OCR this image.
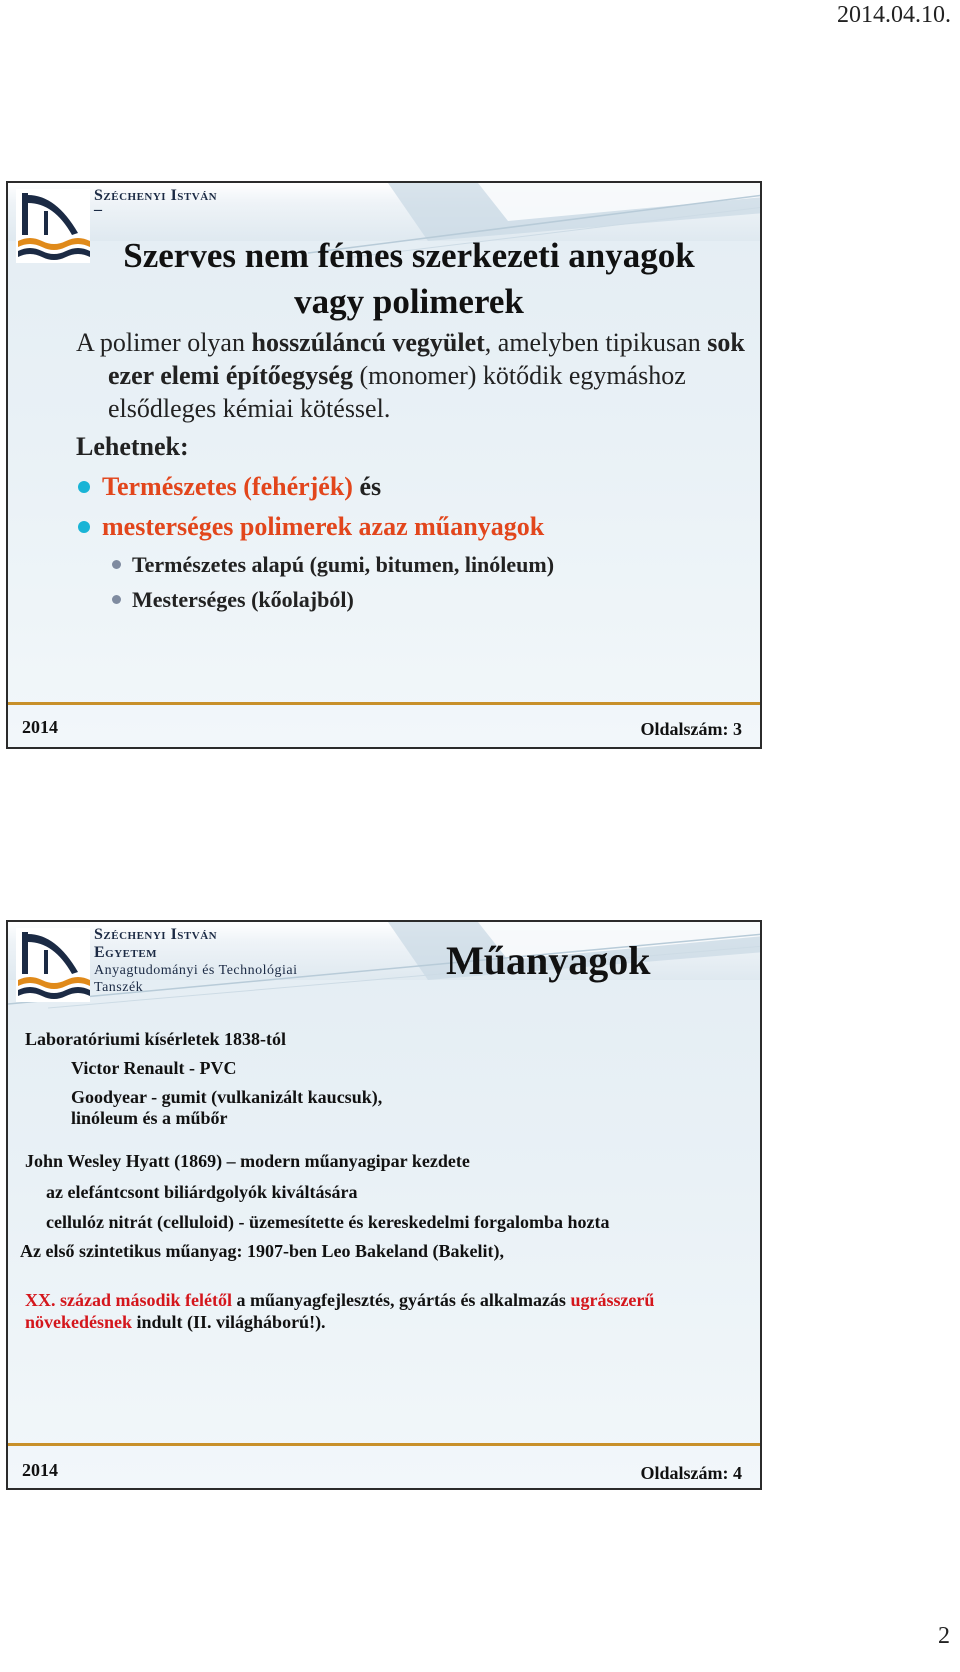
2014.04.10.
Széchenyi István
–
Szerves nem fémes szerkezeti anyagok
vagy polimerek
A polimer olyan hosszúláncú vegyület, amelyben tipikusan sok ezer elemi építőegység (monomer) kötődik egymáshoz elsődleges kémiai kötéssel.
Lehetnek:
Természetes (fehérjék) és
mesterséges polimerek azaz műanyagok
Természetes alapú (gumi, bitumen, linóleum)
Mesterséges (kőolajból)
2014	Oldalszám: 3
Széchenyi István
Egyetem
Anyagtudományi és Technológiai
Tanszék
Műanyagok
Laboratóriumi kísérletek 1838-tól
Victor Renault - PVC
Goodyear - gumit (vulkanizált kaucsuk),
linóleum és a műbőr
John Wesley Hyatt (1869) – modern műanyagipar kezdete
az elefántcsont biliárdgolyók kiváltására
cellulóz nitrát (celluloid) - üzemesítette és kereskedelmi forgalomba hozta
Az első szintetikus műanyag: 1907-ben Leo Bakeland (Bakelit),
XX. század második felétől a műanyagfejlesztés, gyártás és alkalmazás ugrásszerű
növekedésnek indult (II. világháború!).
2014	Oldalszám: 4
2
